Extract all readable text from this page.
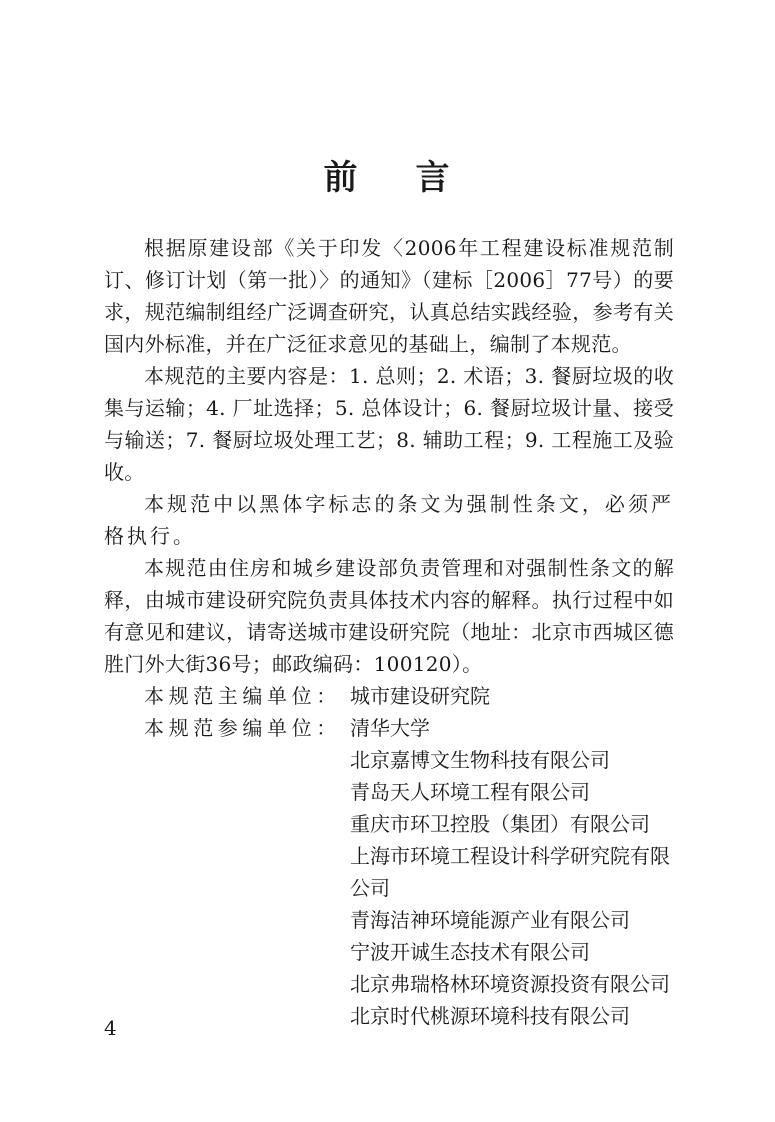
前 言

根据原建设部《关于印发〈2006年工程建设标准规范制订、修订计划（第一批）〉的通知》（建标［2006］77号）的要求，规范编制组经广泛调查研究，认真总结实践经验，参考有关国内外标准，并在广泛征求意见的基础上，编制了本规范。

本规范的主要内容是：1. 总则；2. 术语；3. 餐厨垃圾的收集与运输；4. 厂址选择；5. 总体设计；6. 餐厨垃圾计量、接受与输送；7. 餐厨垃圾处理工艺；8. 辅助工程；9. 工程施工及验收。

本规范中以黑体字标志的条文为强制性条文，必须严格执行。

本规范由住房和城乡建设部负责管理和对强制性条文的解释，由城市建设研究院负责具体技术内容的解释。执行过程中如有意见和建议，请寄送城市建设研究院（地址：北京市西城区德胜门外大街36号；邮政编码：100120）。

本规范主编单位： 城市建设研究院
本规范参编单位： 清华大学
北京嘉博文生物科技有限公司
青岛天人环境工程有限公司
重庆市环卫控股（集团）有限公司
上海市环境工程设计科学研究院有限公司
青海洁神环境能源产业有限公司
宁波开诚生态技术有限公司
北京弗瑞格林环境资源投资有限公司
北京时代桃源环境科技有限公司
4
